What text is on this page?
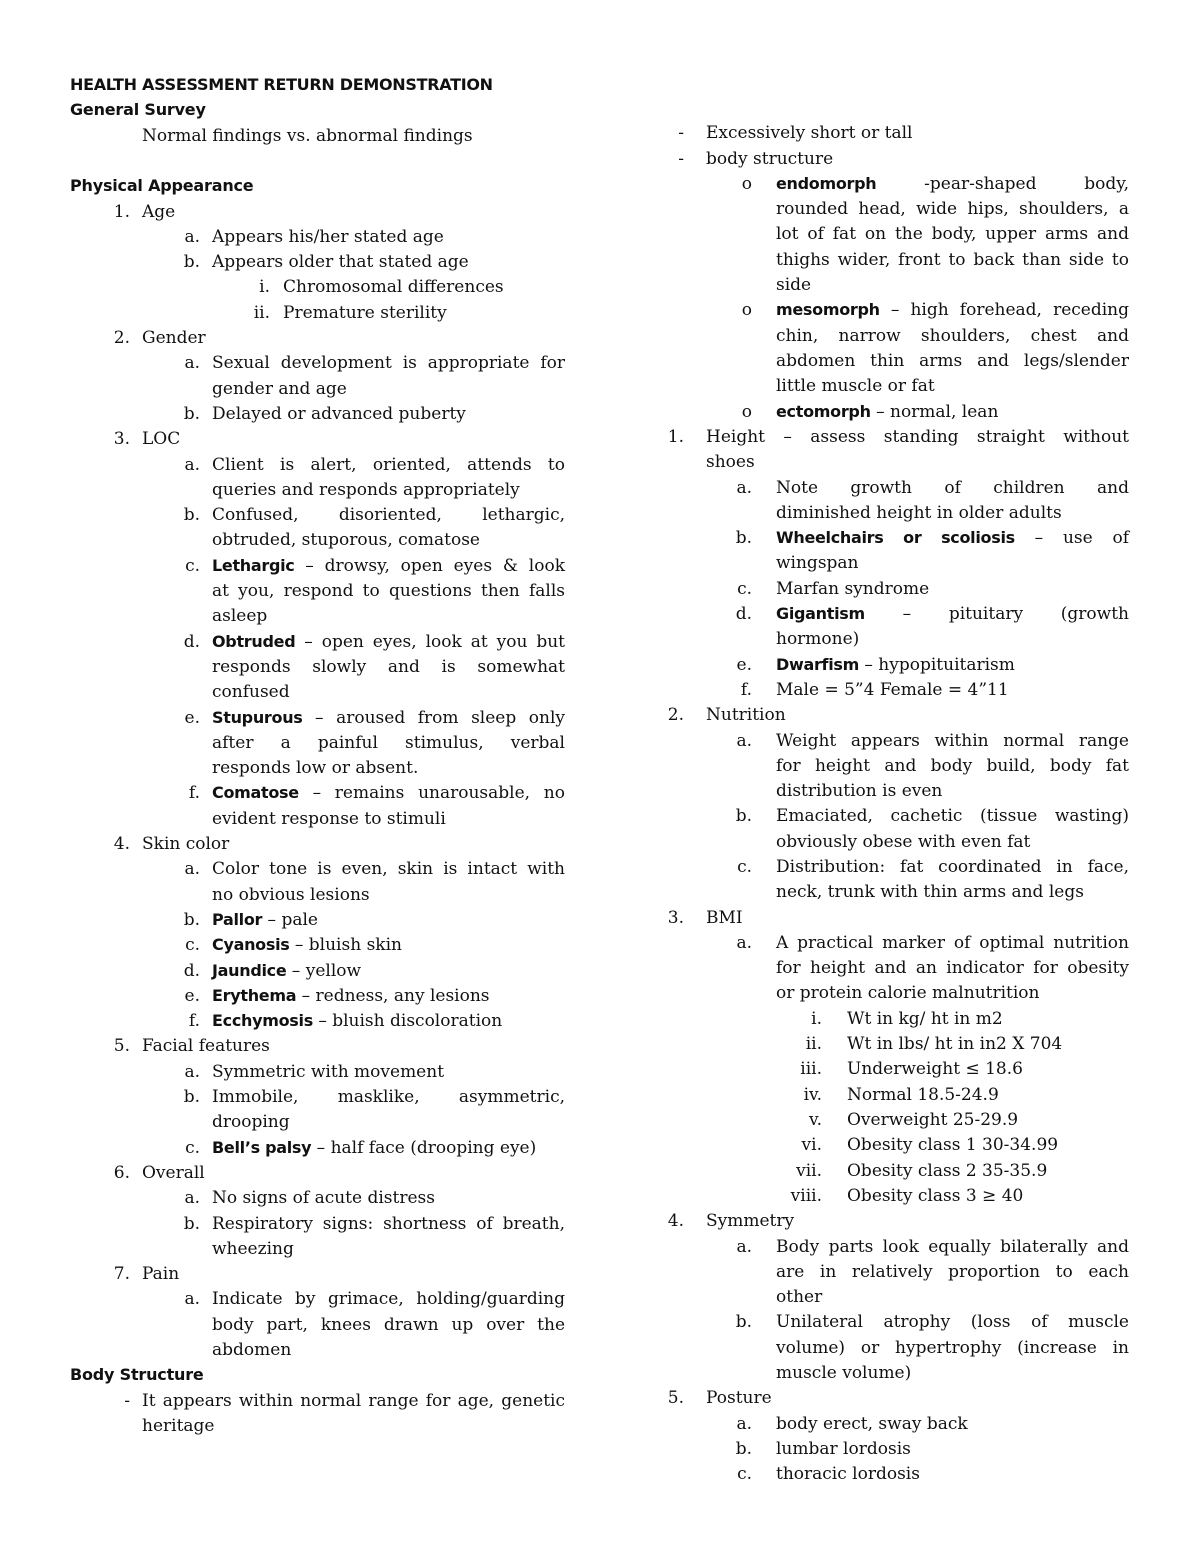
HEALTH ASSESSMENT RETURN DEMONSTRATION
General Survey
Normal findings vs. abnormal findings
Physical Appearance
1. Age
a. Appears his/her stated age
b. Appears older that stated age
i. Chromosomal differences
ii. Premature sterility
2. Gender
a. Sexual development is appropriate for
gender and age
b. Delayed or advanced puberty
3. LOC
a. Client is alert, oriented, attends to
queries and responds appropriately
b. Confused, disoriented, lethargic,
obtruded, stuporous, comatose
c. Lethargic – drowsy, open eyes & look
at you, respond to questions then falls
asleep
d. Obtruded – open eyes, look at you but
responds slowly and is somewhat
confused
e. Stupurous – aroused from sleep only
after a painful stimulus, verbal
responds low or absent.
f. Comatose – remains unarousable, no
evident response to stimuli
4. Skin color
a. Color tone is even, skin is intact with
no obvious lesions
b. Pallor – pale
c. Cyanosis – bluish skin
d. Jaundice – yellow
e. Erythema – redness, any lesions
f. Ecchymosis – bluish discoloration
5. Facial features
a. Symmetric with movement
b. Immobile, masklike, asymmetric,
drooping
c. Bell’s palsy – half face (drooping eye)
6. Overall
a. No signs of acute distress
b. Respiratory signs: shortness of breath,
wheezing
7. Pain
a. Indicate by grimace, holding/guarding
body part, knees drawn up over the
abdomen
Body Structure
- It appears within normal range for age, genetic
heritage
- Excessively short or tall
- body structure
o endomorph -pear-shaped body,
rounded head, wide hips, shoulders, a
lot of fat on the body, upper arms and
thighs wider, front to back than side to
side
o mesomorph – high forehead, receding
chin, narrow shoulders, chest and
abdomen thin arms and legs/slender
little muscle or fat
o ectomorph – normal, lean
1. Height – assess standing straight without
shoes
a. Note growth of children and
diminished height in older adults
b. Wheelchairs or scoliosis – use of
wingspan
c. Marfan syndrome
d. Gigantism – pituitary (growth
hormone)
e. Dwarfism – hypopituitarism
f. Male = 5”4 Female = 4”11
2. Nutrition
a. Weight appears within normal range
for height and body build, body fat
distribution is even
b. Emaciated, cachetic (tissue wasting)
obviously obese with even fat
c. Distribution: fat coordinated in face,
neck, trunk with thin arms and legs
3. BMI
a. A practical marker of optimal nutrition
for height and an indicator for obesity
or protein calorie malnutrition
i. Wt in kg/ ht in m2
ii. Wt in lbs/ ht in in2 X 704
iii. Underweight ≤ 18.6
iv. Normal 18.5-24.9
v. Overweight 25-29.9
vi. Obesity class 1 30-34.99
vii. Obesity class 2 35-35.9
viii. Obesity class 3 ≥ 40
4. Symmetry
a. Body parts look equally bilaterally and
are in relatively proportion to each
other
b. Unilateral atrophy (loss of muscle
volume) or hypertrophy (increase in
muscle volume)
5. Posture
a. body erect, sway back
b. lumbar lordosis
c. thoracic lordosis
